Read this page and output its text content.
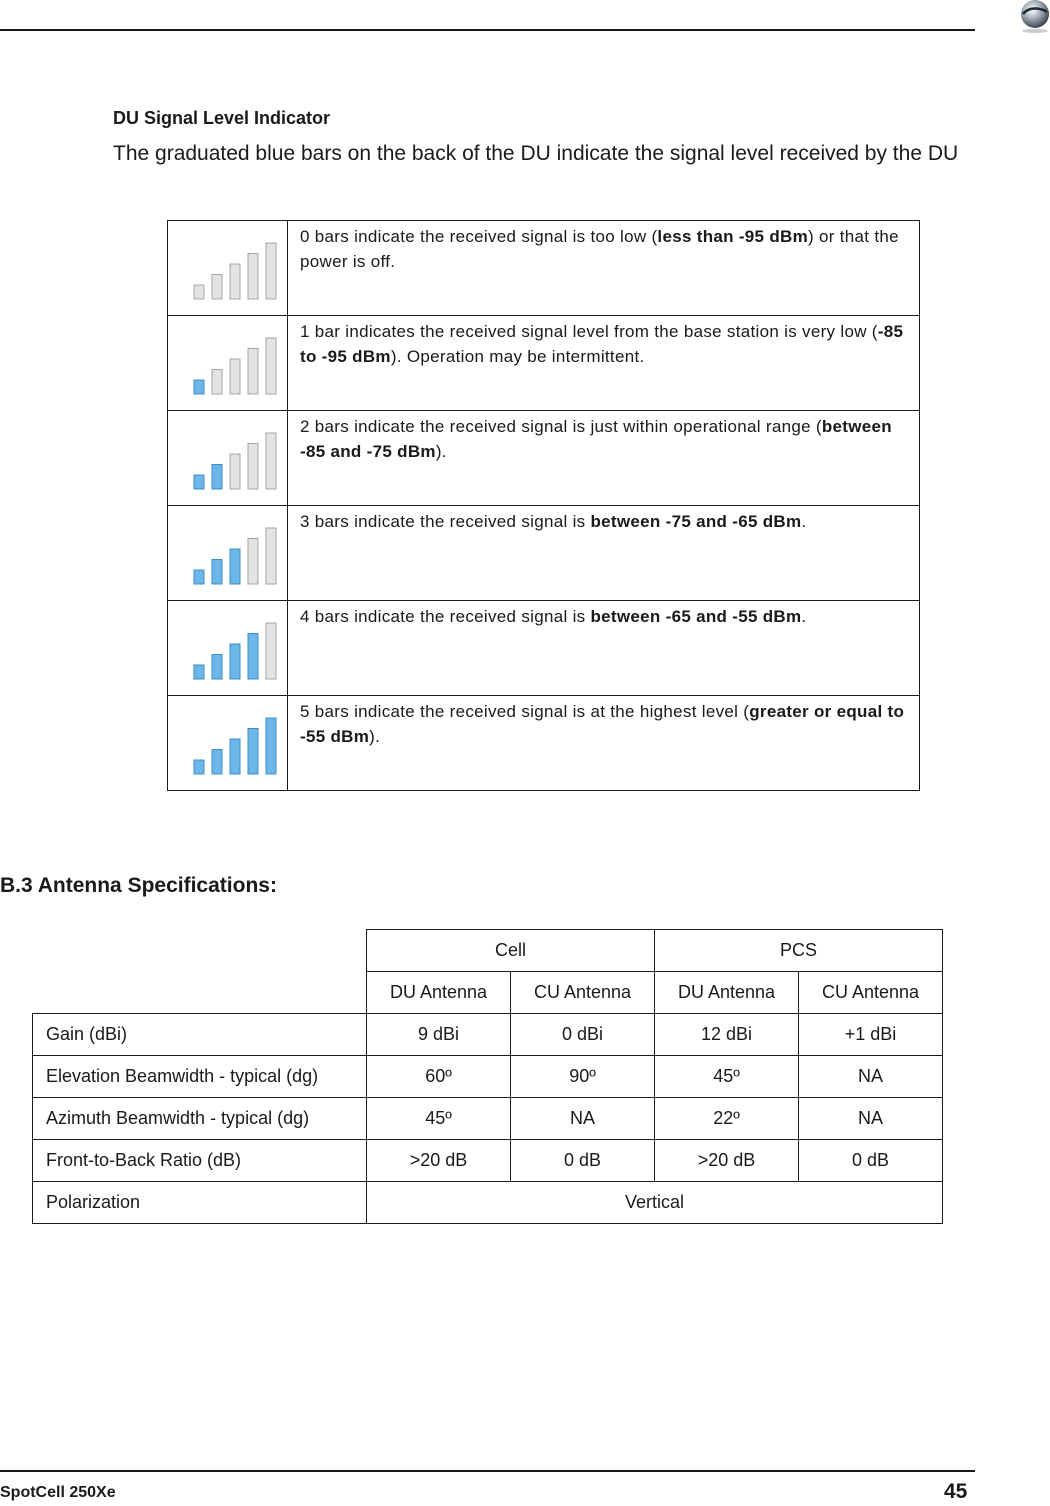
DU Signal Level Indicator

The graduated blue bars on the back of the DU indicate the signal level received by the DU

	0 bars indicate the received signal is too low (less than -95 dBm) or that the power is off.

	1 bar indicates the received signal level from the base station is very low (-85 to -95 dBm). Operation may be intermittent.

	2 bars indicate the received signal is just within operational range (between -85 and -75 dBm).

	3 bars indicate the received signal is between -75 and -65 dBm.

	4 bars indicate the received signal is between -65 and -55 dBm.

	5 bars indicate the received signal is at the highest level (greater or equal to -55 dBm).
B.3 Antenna Specifications:
	Cell		PCS	
	DU Antenna	CU Antenna	DU Antenna	CU Antenna
Gain (dBi)	9 dBi	0 dBi	12 dBi	+1 dBi
Elevation Beamwidth - typical (dg)	60º	90º	45º	NA
Azimuth Beamwidth - typical (dg)	45º	NA	22º	NA
Front-to-Back Ratio (dB)	>20 dB	0 dB	>20 dB	0 dB
Polarization	Vertical			
SpotCell 250Xe	45
